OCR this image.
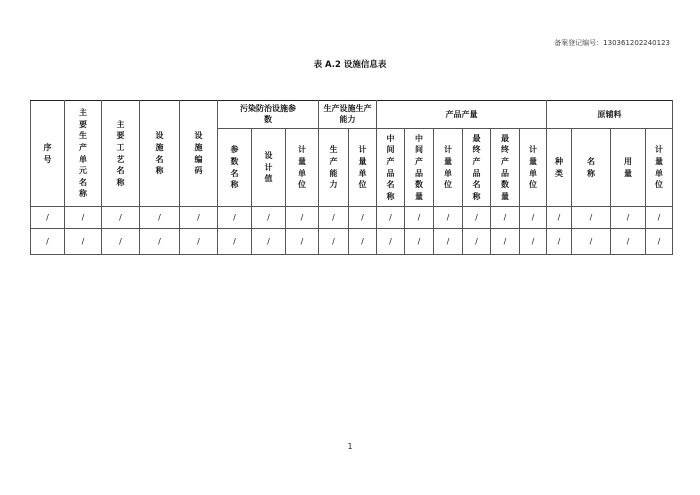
备案登记编号：130361202240123
表 A.2 设施信息表
序号	主要生产单元名称	主要工艺名称	设施名称	设施编码	污染防治设施参数			生产设施生产能力		产品产量						原辅料			
					参数名称	设计值	计量单位	生产能力	计量单位	中间产品名称	中间产品数量	计量单位	最终产品名称	最终产品数量	计量单位	种类	名称	用量	计量单位
/	/	/	/	/	/	/	/	/	/	/	/	/	/	/	/	/	/	/	/
/	/	/	/	/	/	/	/	/	/	/	/	/	/	/	/	/	/	/	/
1
